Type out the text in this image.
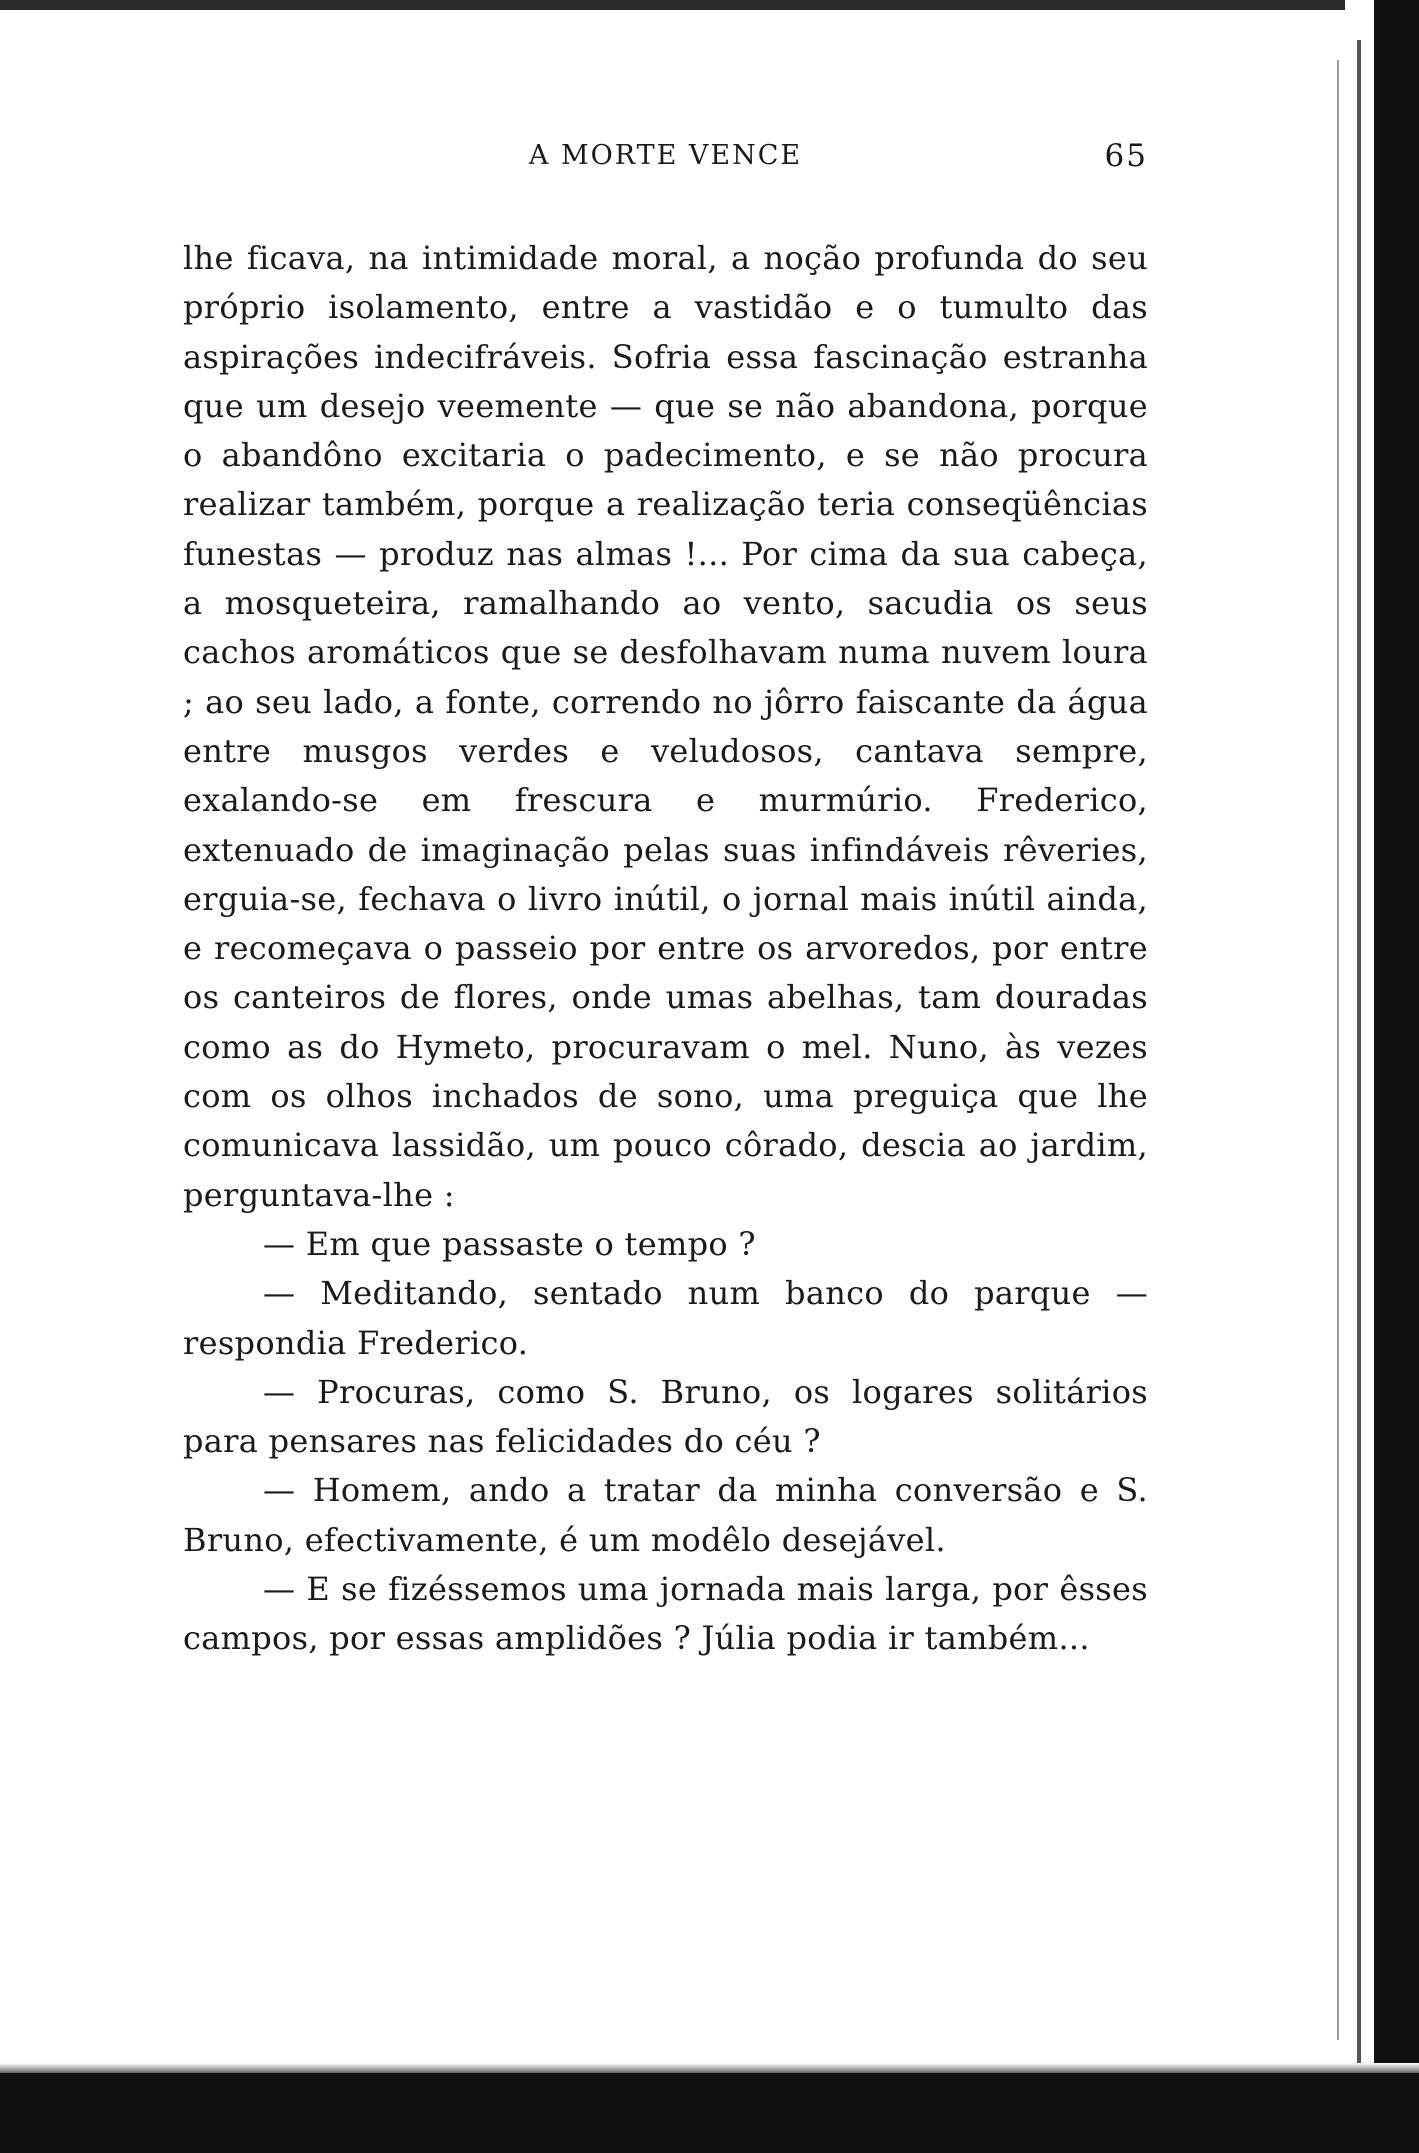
A MORTE VENCE	65

lhe ficava, na intimidade moral, a noção profunda do seu próprio isolamento, entre a vastidão e o tumulto das aspirações indecifráveis. Sofria essa fascinação estranha que um desejo veemente — que se não abandona, porque o abandôno excitaria o padecimento, e se não procura realizar também, porque a realização teria conseqüências funestas — produz nas almas !... Por cima da sua cabeça, a mosqueteira, ramalhando ao vento, sacudia os seus cachos aromáticos que se desfolhavam numa nuvem loura ; ao seu lado, a fonte, correndo no jôrro faiscante da água entre musgos verdes e veludosos, cantava sempre, exalando-se em frescura e murmúrio. Frederico, extenuado de imaginação pelas suas infindáveis rêveries, erguia-se, fechava o livro inútil, o jornal mais inútil ainda, e recomeçava o passeio por entre os arvoredos, por entre os canteiros de flores, onde umas abelhas, tam douradas como as do Hymeto, procuravam o mel. Nuno, às vezes com os olhos inchados de sono, uma preguiça que lhe comunicava lassidão, um pouco côrado, descia ao jardim, perguntava-lhe :

— Em que passaste o tempo ?

— Meditando, sentado num banco do parque — respondia Frederico.

— Procuras, como S. Bruno, os logares solitários para pensares nas felicidades do céu ?

— Homem, ando a tratar da minha conversão e S. Bruno, efectivamente, é um modêlo desejável.

— E se fizéssemos uma jornada mais larga, por êsses campos, por essas amplidões ? Júlia podia ir também...
